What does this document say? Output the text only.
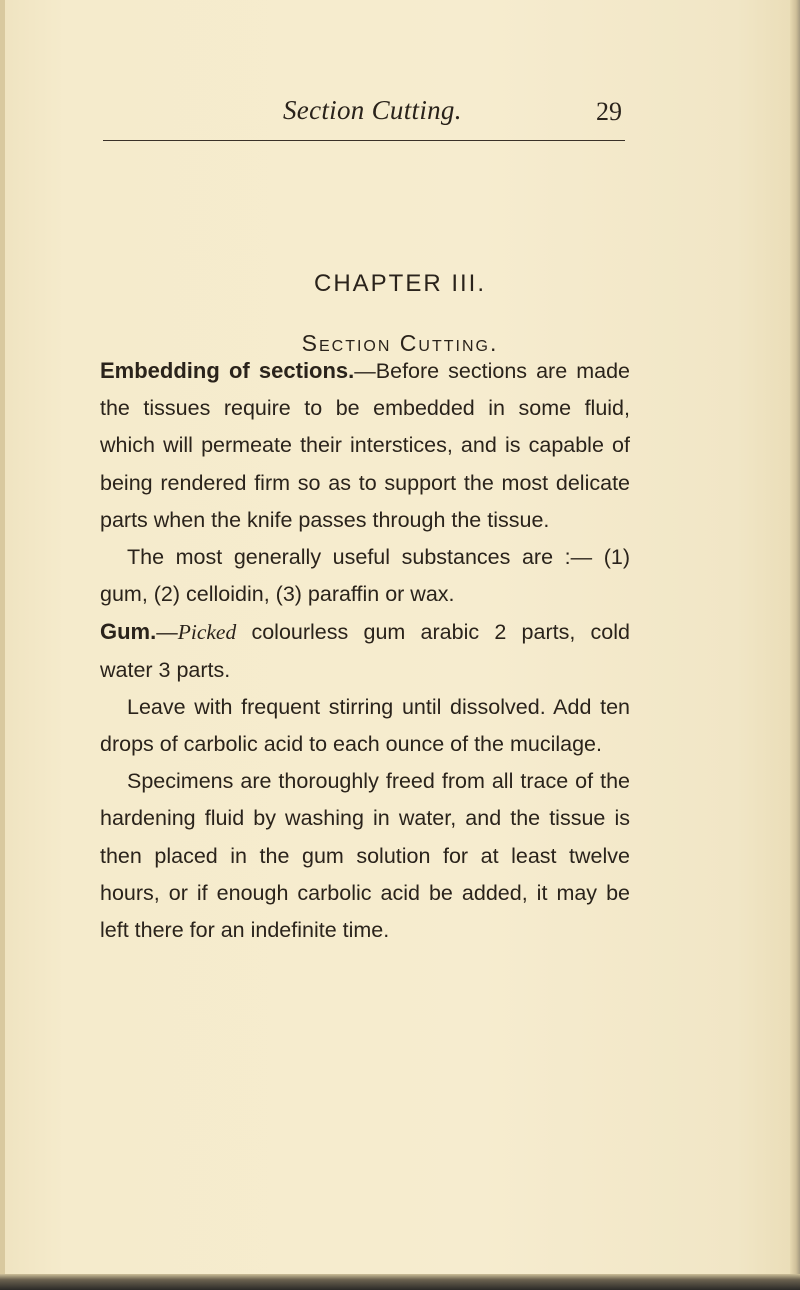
Section Cutting.	29
CHAPTER III.
Section Cutting.

Embedding of sections.—Before sections are made the tissues require to be embedded in some fluid, which will permeate their interstices, and is capable of being rendered firm so as to support the most delicate parts when the knife passes through the tissue.

The most generally useful substances are :— (1) gum, (2) celloidin, (3) paraffin or wax.

Gum.—Picked colourless gum arabic 2 parts, cold water 3 parts.

Leave with frequent stirring until dissolved. Add ten drops of carbolic acid to each ounce of the mucilage.

Specimens are thoroughly freed from all trace of the hardening fluid by washing in water, and the tissue is then placed in the gum solution for at least twelve hours, or if enough carbolic acid be added, it may be left there for an indefinite time.
